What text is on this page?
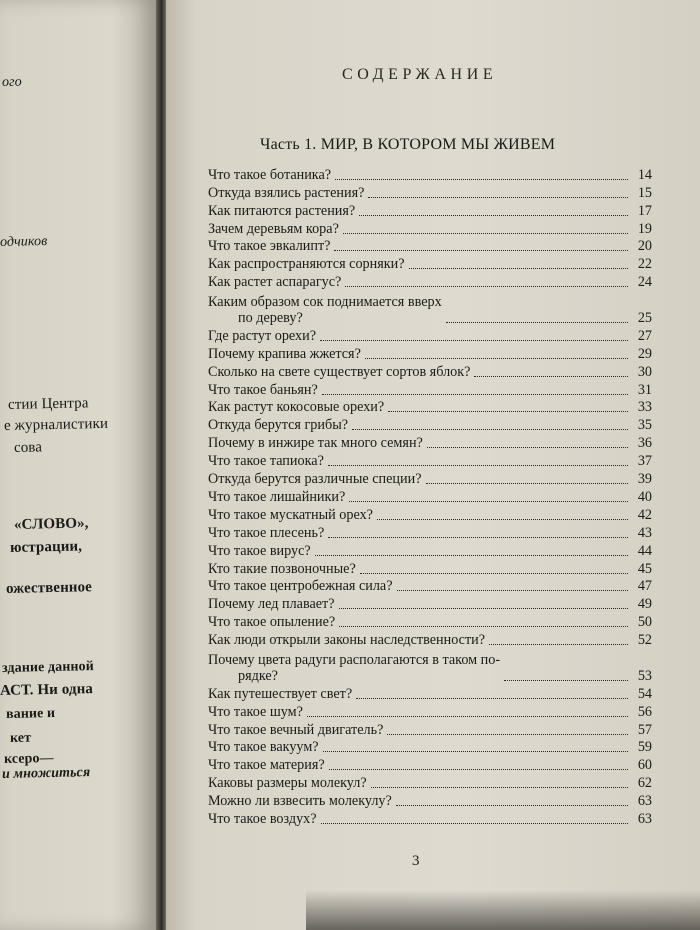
ого
одчиков
стии Центра
е журналистики
сова
«СЛОВО»,
юстрации,
ожественное
здание данной
АСТ. Ни одна
вание и
кет
ксеро—
и множиться
СОДЕРЖАНИЕ
Часть 1. МИР, В КОТОРОМ МЫ ЖИВЕМ
Что такое ботаника?	14
Откуда взялись растения?	15
Как питаются растения?	17
Зачем деревьям кора?	19
Что такое эвкалипт?	20
Как распространяются сорняки?	22
Как растет аспарагус?	24
Каким образом сок поднимается вверх
по дереву?	25
Где растут орехи?	27
Почему крапива жжется?	29
Сколько на свете существует сортов яблок?	30
Что такое баньян?	31
Как растут кокосовые орехи?	33
Откуда берутся грибы?	35
Почему в инжире так много семян?	36
Что такое тапиока?	37
Откуда берутся различные специи?	39
Что такое лишайники?	40
Что такое мускатный орех?	42
Что такое плесень?	43
Что такое вирус?	44
Кто такие позвоночные?	45
Что такое центробежная сила?	47
Почему лед плавает?	49
Что такое опыление?	50
Как люди открыли законы наследственности?	52
Почему цвета радуги располагаются в таком по-
рядке?	53
Как путешествует свет?	54
Что такое шум?	56
Что такое вечный двигатель?	57
Что такое вакуум?	59
Что такое материя?	60
Каковы размеры молекул?	62
Можно ли взвесить молекулу?	63
Что такое воздух?	63
3
